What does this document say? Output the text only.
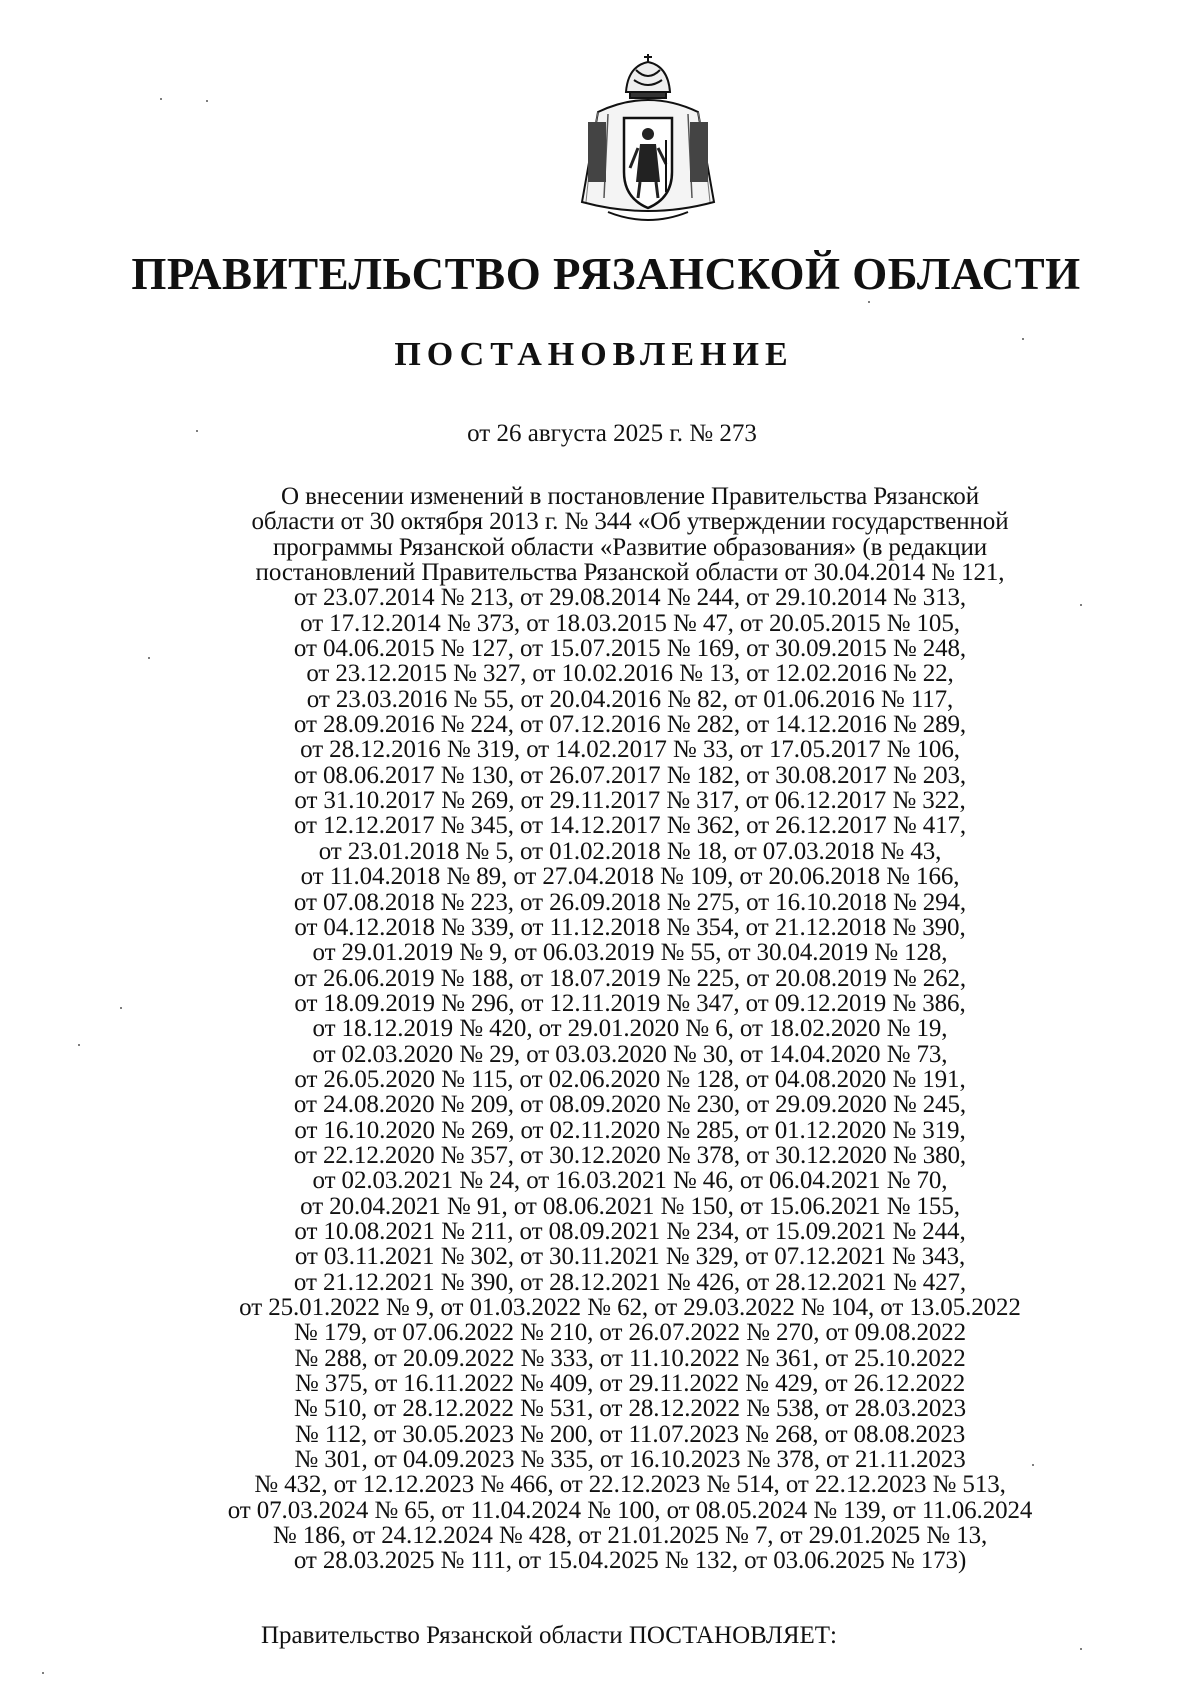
ПРАВИТЕЛЬСТВО РЯЗАНСКОЙ ОБЛАСТИ
ПОСТАНОВЛЕНИЕ
от 26 августа 2025 г. № 273
О внесении изменений в постановление Правительства Рязанской
области от 30 октября 2013 г. № 344 «Об утверждении государственной
программы Рязанской области «Развитие образования» (в редакции
постановлений Правительства Рязанской области от 30.04.2014 № 121,
от 23.07.2014 № 213, от 29.08.2014 № 244, от 29.10.2014 № 313,
от 17.12.2014 № 373, от 18.03.2015 № 47, от 20.05.2015 № 105,
от 04.06.2015 № 127, от 15.07.2015 № 169, от 30.09.2015 № 248,
от 23.12.2015 № 327, от 10.02.2016 № 13, от 12.02.2016 № 22,
от 23.03.2016 № 55, от 20.04.2016 № 82, от 01.06.2016 № 117,
от 28.09.2016 № 224, от 07.12.2016 № 282, от 14.12.2016 № 289,
от 28.12.2016 № 319, от 14.02.2017 № 33, от 17.05.2017 № 106,
от 08.06.2017 № 130, от 26.07.2017 № 182, от 30.08.2017 № 203,
от 31.10.2017 № 269, от 29.11.2017 № 317, от 06.12.2017 № 322,
от 12.12.2017 № 345, от 14.12.2017 № 362, от 26.12.2017 № 417,
от 23.01.2018 № 5, от 01.02.2018 № 18, от 07.03.2018 № 43,
от 11.04.2018 № 89, от 27.04.2018 № 109, от 20.06.2018 № 166,
от 07.08.2018 № 223, от 26.09.2018 № 275, от 16.10.2018 № 294,
от 04.12.2018 № 339, от 11.12.2018 № 354, от 21.12.2018 № 390,
от 29.01.2019 № 9, от 06.03.2019 № 55, от 30.04.2019 № 128,
от 26.06.2019 № 188, от 18.07.2019 № 225, от 20.08.2019 № 262,
от 18.09.2019 № 296, от 12.11.2019 № 347, от 09.12.2019 № 386,
от 18.12.2019 № 420, от 29.01.2020 № 6, от 18.02.2020 № 19,
от 02.03.2020 № 29, от 03.03.2020 № 30, от 14.04.2020 № 73,
от 26.05.2020 № 115, от 02.06.2020 № 128, от 04.08.2020 № 191,
от 24.08.2020 № 209, от 08.09.2020 № 230, от 29.09.2020 № 245,
от 16.10.2020 № 269, от 02.11.2020 № 285, от 01.12.2020 № 319,
от 22.12.2020 № 357, от 30.12.2020 № 378, от 30.12.2020 № 380,
от 02.03.2021 № 24, от 16.03.2021 № 46, от 06.04.2021 № 70,
от 20.04.2021 № 91, от 08.06.2021 № 150, от 15.06.2021 № 155,
от 10.08.2021 № 211, от 08.09.2021 № 234, от 15.09.2021 № 244,
от 03.11.2021 № 302, от 30.11.2021 № 329, от 07.12.2021 № 343,
от 21.12.2021 № 390, от 28.12.2021 № 426, от 28.12.2021 № 427,
от 25.01.2022 № 9, от 01.03.2022 № 62, от 29.03.2022 № 104, от 13.05.2022
№ 179, от 07.06.2022 № 210, от 26.07.2022 № 270, от 09.08.2022
№ 288, от 20.09.2022 № 333, от 11.10.2022 № 361, от 25.10.2022
№ 375, от 16.11.2022 № 409, от 29.11.2022 № 429, от 26.12.2022
№ 510, от 28.12.2022 № 531, от 28.12.2022 № 538, от 28.03.2023
№ 112, от 30.05.2023 № 200, от 11.07.2023 № 268, от 08.08.2023
№ 301, от 04.09.2023 № 335, от 16.10.2023 № 378, от 21.11.2023
№ 432, от 12.12.2023 № 466, от 22.12.2023 № 514, от 22.12.2023 № 513,
от 07.03.2024 № 65, от 11.04.2024 № 100, от 08.05.2024 № 139, от 11.06.2024
№ 186, от 24.12.2024 № 428, от 21.01.2025 № 7, от 29.01.2025 № 13,
от 28.03.2025 № 111, от 15.04.2025 № 132, от 03.06.2025 № 173)
Правительство Рязанской области ПОСТАНОВЛЯЕТ:
